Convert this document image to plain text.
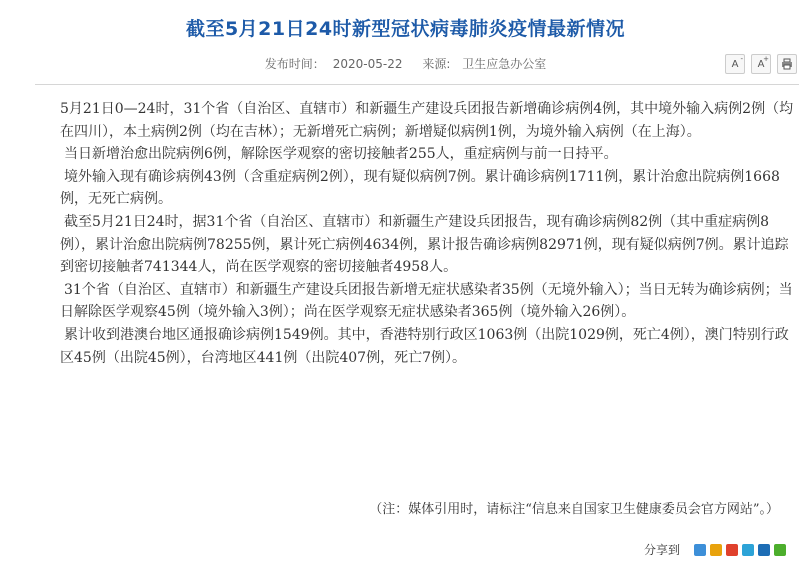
截至5月21日24时新型冠状病毒肺炎疫情最新情况
发布时间： 2020-05-22 来源: 卫生应急办公室	A - A
+

5月21日0—24时，31个省（自治区、直辖市）和新疆生产建设兵团报告新增确诊病例4例，其中境外输入病例2例（均在四川），本土病例2例（均在吉林）；无新增死亡病例；新增疑似病例1例，为境外输入病例（在上海）。

当日新增治愈出院病例6例，解除医学观察的密切接触者255人，重症病例与前一日持平。

境外输入现有确诊病例43例（含重症病例2例），现有疑似病例7例。累计确诊病例1711例，累计治愈出院病例1668例，无死亡病例。

截至5月21日24时，据31个省（自治区、直辖市）和新疆生产建设兵团报告，现有确诊病例82例（其中重症病例8例），累计治愈出院病例78255例，累计死亡病例4634例，累计报告确诊病例82971例，现有疑似病例7例。累计追踪到密切接触者741344人，尚在医学观察的密切接触者4958人。

31个省（自治区、直辖市）和新疆生产建设兵团报告新增无症状感染者35例（无境外输入）；当日无转为确诊病例；当日解除医学观察45例（境外输入3例）；尚在医学观察无症状感染者365例（境外输入26例）。

累计收到港澳台地区通报确诊病例1549例。其中，香港特别行政区1063例（出院1029例，死亡4例），澳门特别行政区45例（出院45例），台湾地区441例（出院407例，死亡7例）。

（注：媒体引用时，请标注“信息来自国家卫生健康委员会官方网站”。）
分享到
